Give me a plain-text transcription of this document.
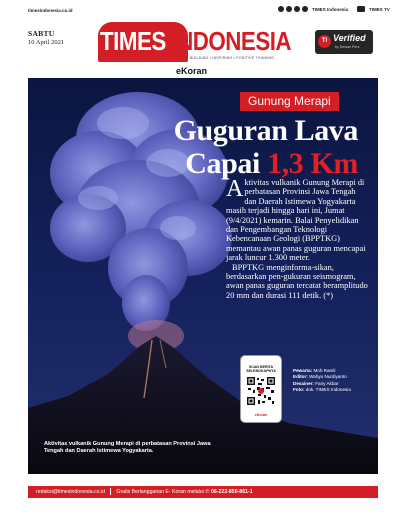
timesindonesia.co.id	TIMES Indonesia	TIMES TV
SABTU
10 April 2021 TIMES INDONESIA
BUILDING • INSPIRING • POSITIVE THINKING
eKoran
TI Verified
by Dewan Pers
Gunung Merapi
Guguran Lava
Capai 1,3 Km

Aktivitas vulkanik Gunung Merapi di perbatasan Provinsi Jawa Tengah dan Daerah Istimewa Yogyakarta masih terjadi hingga hari ini, Jumat (9/4/2021) kemarin. Balai Penyelidikan dan Pengembangan Teknologi Kebencanaan Geologi (BPPTKG) memantau awan panas guguran mencapai jarak luncur 1.300 meter.

BPPTKG menginforma-sikan, berdasarkan pen-gukuran seismogram, awan panas guguran tercatat beramplitudo 20 mm dan durasi 111 detik. (*)

SCAN BERITA SELENGKAPNYA
eKoran
Pewarta: Moh Ramli
Editor: Wahyu Nurdiyanto
Desainer: Fany Akbar
Foto: dok. TIMES Indonesia
Aktivitas vulkanik Gunung Merapi di perbatasan Provinsi Jawa Tengah dan Daerah Istimewa Yogyakarta.
redaksi@timesindonesia.co.id Gratis Berlangganan E- Koran melalui ✆ 08-222-850-861-1
